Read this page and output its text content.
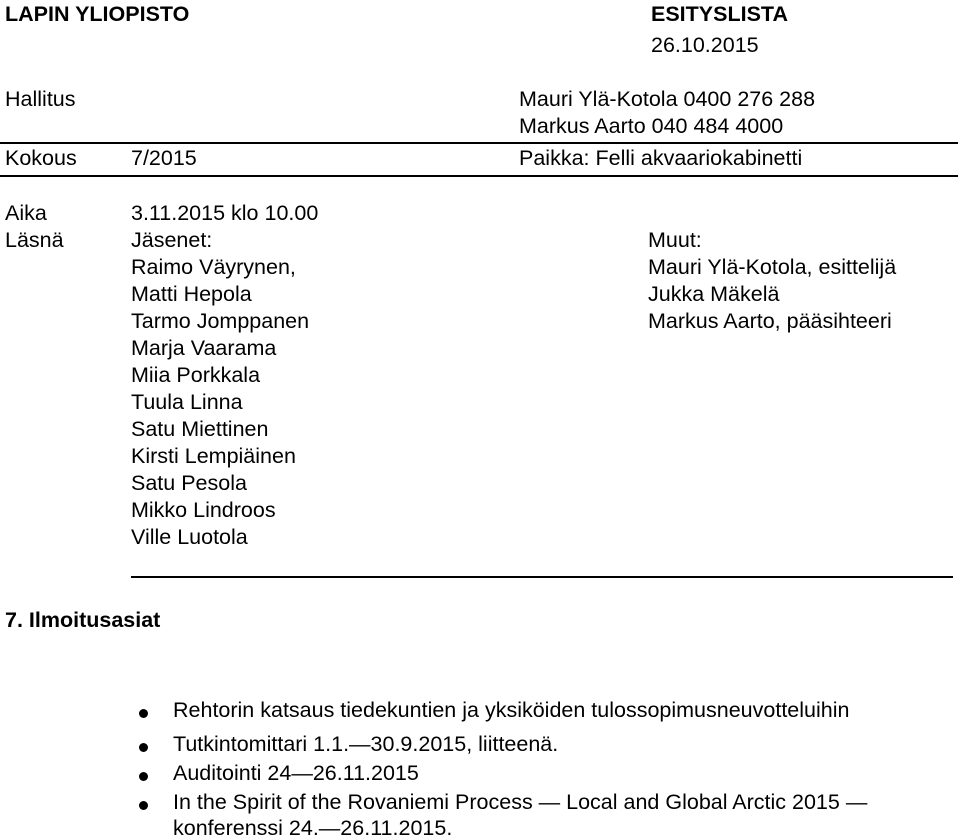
LAPIN YLIOPISTO	ESITYSLISTA
26.10.2015
Hallitus	Mauri Ylä-Kotola 0400 276 288
Markus Aarto 040 484 4000
Kokous	7/2015	Paikka: Felli akvaariokabinetti
Aika	3.11.2015 klo 10.00
Läsnä	Jäsenet:
Raimo Väyrynen,
Matti Hepola
Tarmo Jomppanen
Marja Vaarama
Miia Porkkala
Tuula Linna
Satu Miettinen
Kirsti Lempiäinen
Satu Pesola
Mikko Lindroos
Ville Luotola
Muut:
Mauri Ylä-Kotola, esittelijä
Jukka Mäkelä
Markus Aarto, pääsihteeri
7. Ilmoitusasiat
Rehtorin katsaus tiedekuntien ja yksiköiden tulossopimusneuvotteluihin
Tutkintomittari 1.1.—30.9.2015, liitteenä.
Auditointi 24—26.11.2015
In the Spirit of the Rovaniemi Process — Local and Global Arctic 2015 —
konferenssi 24.—26.11.2015.
